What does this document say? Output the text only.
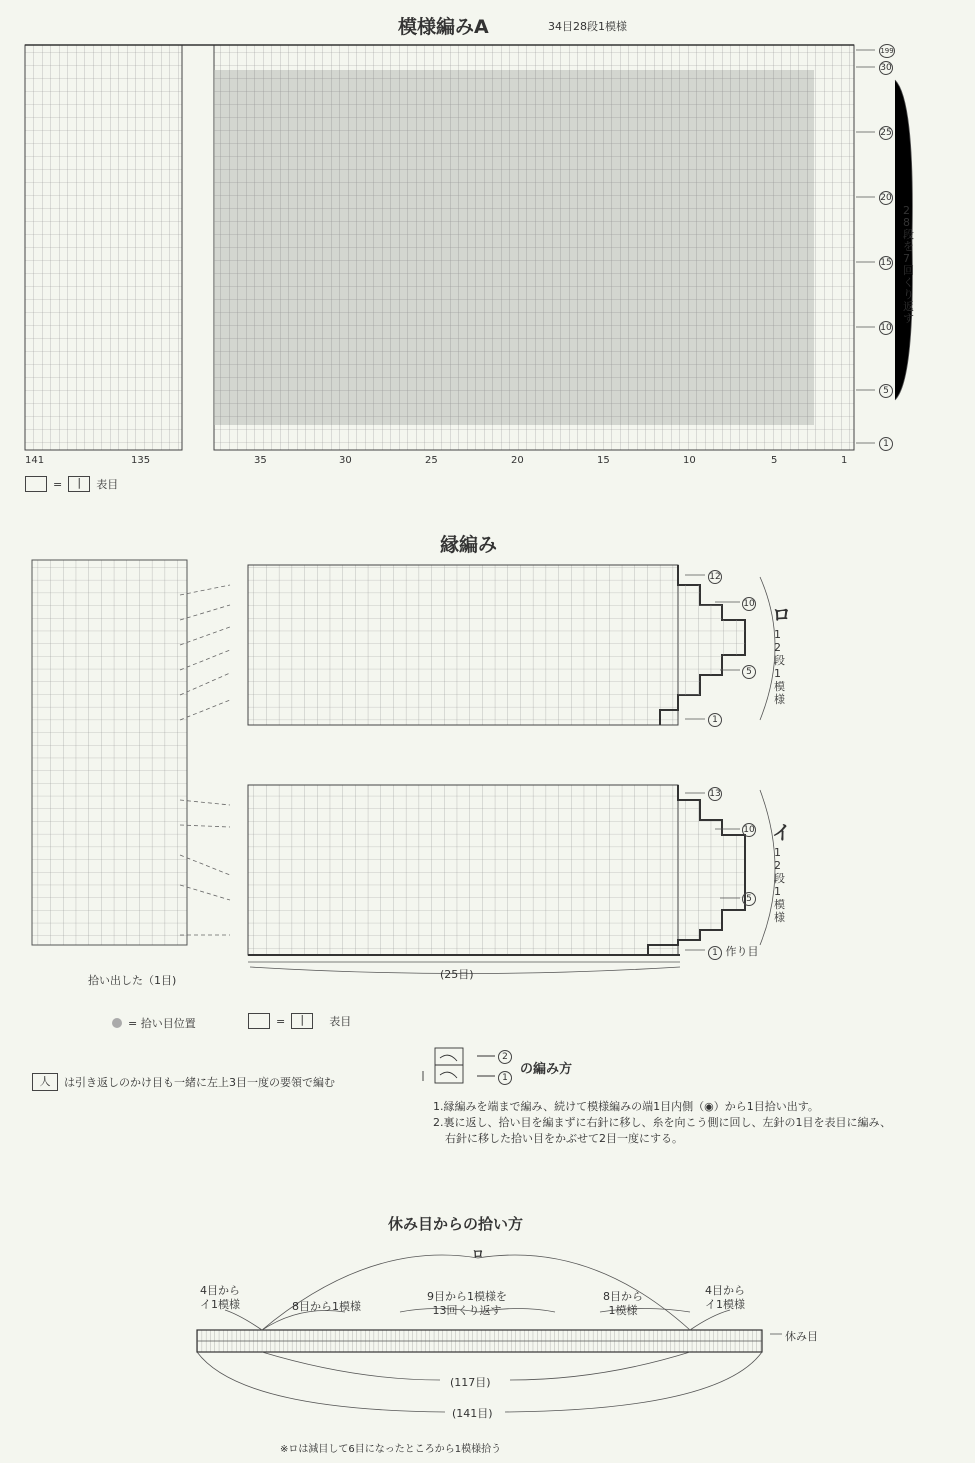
模様編みA	34目28段1模様
199
30
25
20
15
10
5
1
28段を7回くり返す
141	135	35	30	25	20	15	10	5	1
=	|	表目
縁編み
12
10
5
1
ロ
12段1模様
13
10
5
1 作り目
イ
12段1模様
(25目)
拾い出した（1目)
= 拾い目位置	=	|	表目
人	は引き返しのかけ目も一緒に左上3目一度の要領で編む
2
1
の編み方
1.縁編みを端まで編み、続けて模様編みの端1目内側（◉）から1目拾い出す。
2.裏に返し、拾い目を編まずに右針に移し、糸を向こう側に回し、左針の1目を表目に編み、
右針に移した拾い目をかぶせて2目一度にする。
休み目からの拾い方
ロ
4目から
イ1模様	8目から1模様
9目から1模様を
13回くり返す
8目から
1模様
4目から
イ1模様
休み目
(117目)
(141目)
※ロは減目して6目になったところから1模様拾う
